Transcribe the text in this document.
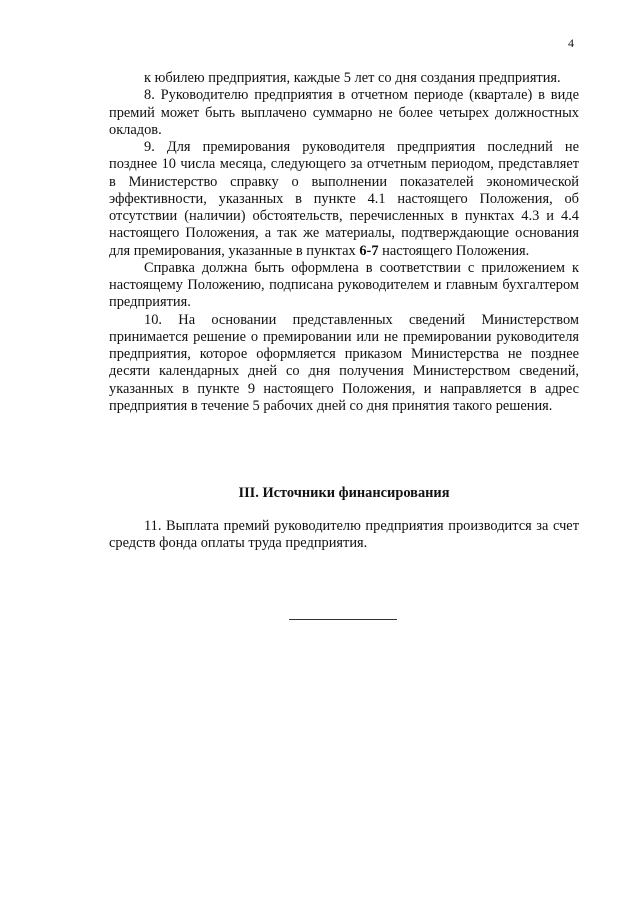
4

к юбилею предприятия, каждые 5 лет со дня создания предприятия.

8. Руководителю предприятия в отчетном периоде (квартале) в виде премий может быть выплачено суммарно не более четырех должностных окладов.

9. Для премирования руководителя предприятия последний не позднее 10 числа месяца, следующего за отчетным периодом, представляет в Министерство справку о выполнении показателей экономической эффективности, указанных в пункте 4.1 настоящего Положения, об отсутствии (наличии) обстоятельств, перечисленных в пунктах 4.3 и 4.4 настоящего Положения, а так же материалы, подтверждающие основания для премирования, указанные в пунктах 6-7 настоящего Положения.

Справка должна быть оформлена в соответствии с приложением к настоящему Положению, подписана руководителем и главным бухгалтером предприятия.

10. На основании представленных сведений Министерством принимается решение о премировании или не премировании руководителя предприятия, которое оформляется приказом Министерства не позднее десяти календарных дней со дня получения Министерством сведений, указанных в пункте 9 настоящего Положения, и направляется в адрес предприятия в течение 5 рабочих дней со дня принятия такого решения.

III. Источники финансирования

11. Выплата премий руководителю предприятия производится за счет средств фонда оплаты труда предприятия.
